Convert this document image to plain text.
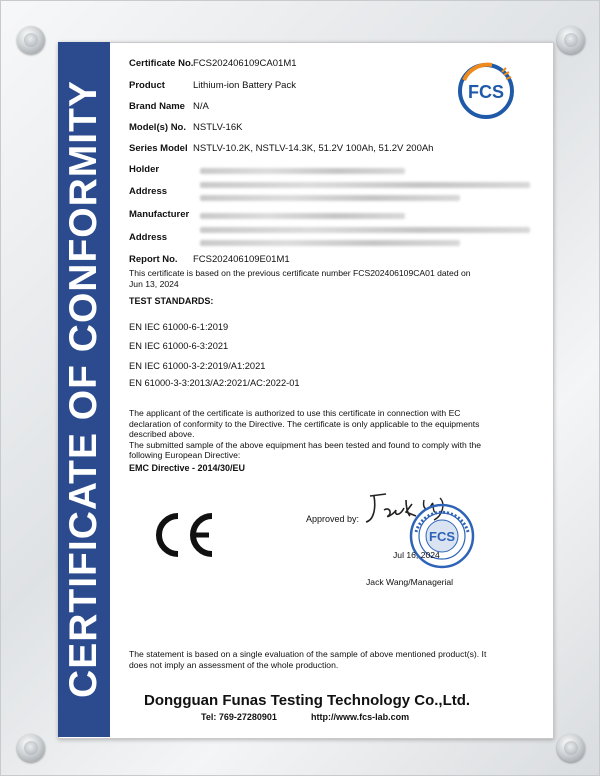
CERTIFICATE OF CONFORMITY	FCS
Certificate No. FCS202406109CA01M1
Product	Lithium-ion Battery Pack
Brand Name N/A
Model(s) No. NSTLV-16K
Series Model NSTLV-10.2K, NSTLV-14.3K, 51.2V 100Ah, 51.2V 200Ah
Holder
Address
Manufacturer
Address
Report No. FCS202406109E01M1
This certificate is based on the previous certificate number FCS202406109CA01 dated on
Jun 13, 2024
TEST STANDARDS:
EN IEC 61000-6-1:2019
EN IEC 61000-6-3:2021
EN IEC 61000-3-2:2019/A1:2021
EN 61000-3-3:2013/A2:2021/AC:2022-01
The applicant of the certificate is authorized to use this certificate in connection with EC
declaration of conformity to the Directive. The certificate is only applicable to the equipments
described above.
The submitted sample of the above equipment has been tested and found to comply with the
following European Directive:
EMC Directive - 2014/30/EU
CE
Approved by:
FCS
Jul 16, 2024
Jack Wang/Managerial
The statement is based on a single evaluation of the sample of above mentioned product(s). It
does not imply an assessment of the whole production.
Dongguan Funas Testing Technology Co.,Ltd.
Tel: 769-27280901	http://www.fcs-lab.com
